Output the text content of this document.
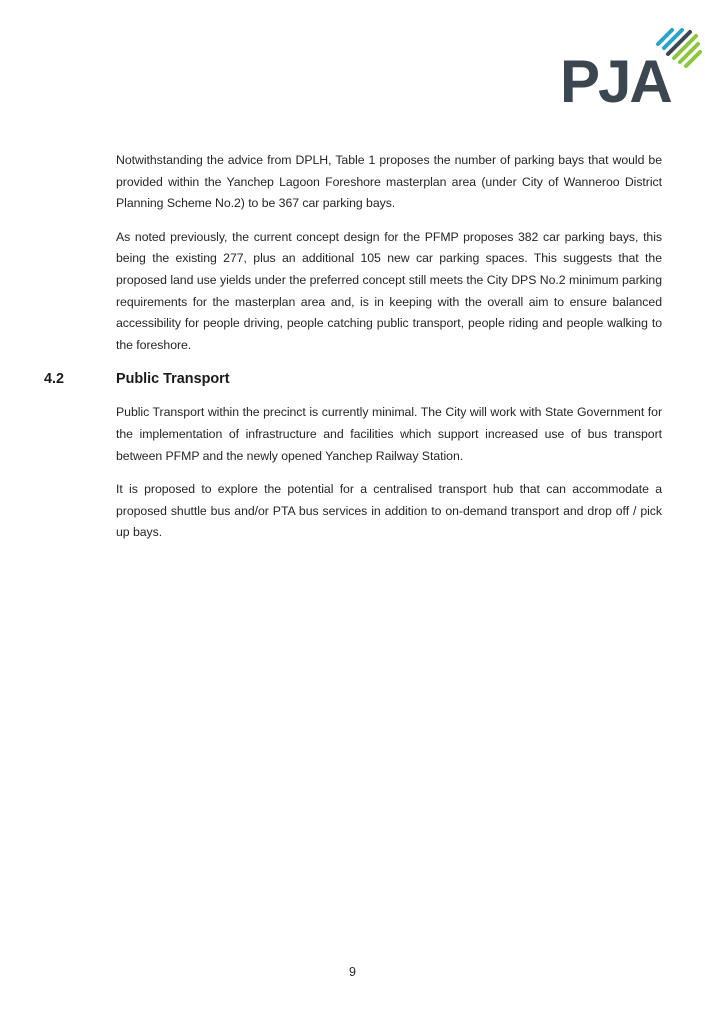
PJA

Notwithstanding the advice from DPLH, Table 1 proposes the number of parking bays that would be provided within the Yanchep Lagoon Foreshore masterplan area (under City of Wanneroo District Planning Scheme No.2) to be 367 car parking bays.

As noted previously, the current concept design for the PFMP proposes 382 car parking bays, this being the existing 277, plus an additional 105 new car parking spaces. This suggests that the proposed land use yields under the preferred concept still meets the City DPS No.2 minimum parking requirements for the masterplan area and, is in keeping with the overall aim to ensure balanced accessibility for people driving, people catching public transport, people riding and people walking to the foreshore.

4.2	Public Transport

Public Transport within the precinct is currently minimal. The City will work with State Government for the implementation of infrastructure and facilities which support increased use of bus transport between PFMP and the newly opened Yanchep Railway Station.

It is proposed to explore the potential for a centralised transport hub that can accommodate a proposed shuttle bus and/or PTA bus services in addition to on-demand transport and drop off / pick up bays.

9
